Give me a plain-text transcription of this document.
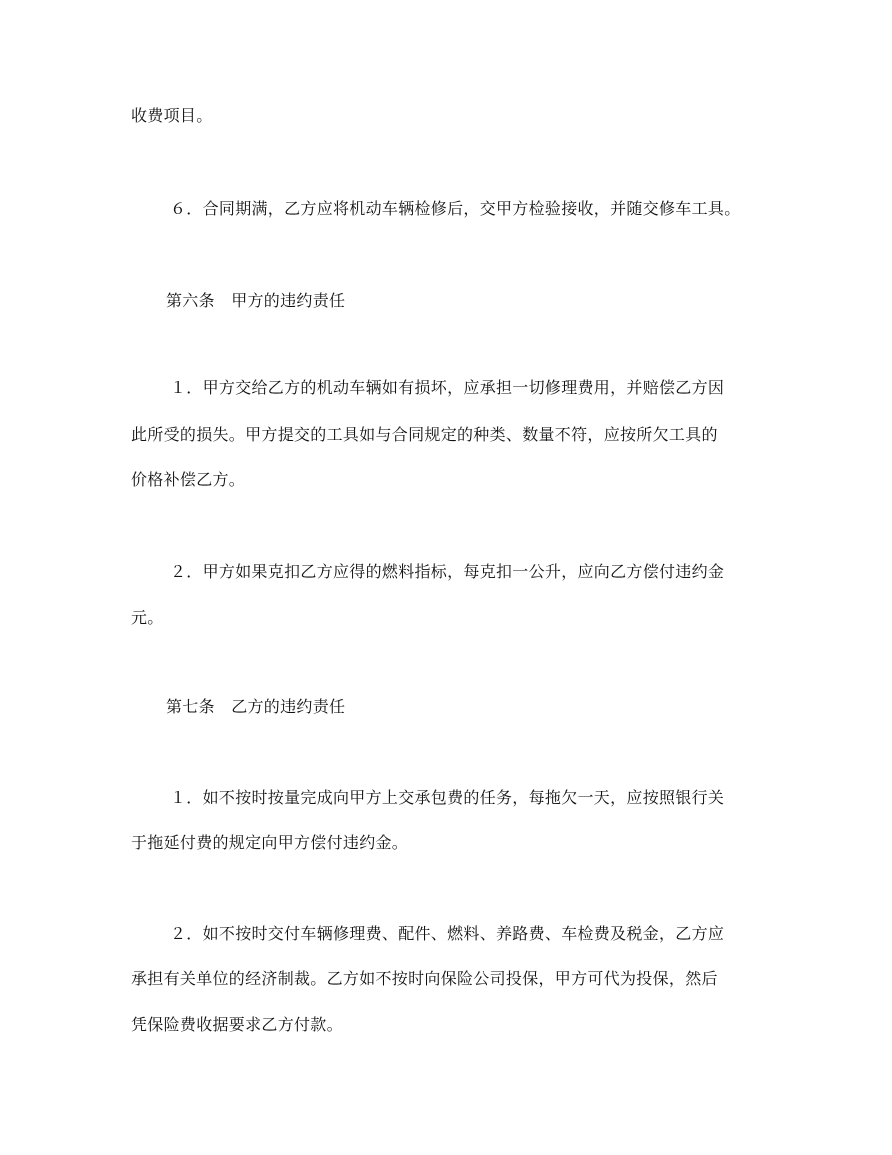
收费项目。
６．合同期满，乙方应将机动车辆检修后，交甲方检验接收，并随交修车工具。
第六条　甲方的违约责任
１．甲方交给乙方的机动车辆如有损坏，应承担一切修理费用，并赔偿乙方因
此所受的损失。甲方提交的工具如与合同规定的种类、数量不符，应按所欠工具的
价格补偿乙方。
２．甲方如果克扣乙方应得的燃料指标，每克扣一公升，应向乙方偿付违约金
元。
第七条　乙方的违约责任
１．如不按时按量完成向甲方上交承包费的任务，每拖欠一天，应按照银行关
于拖延付费的规定向甲方偿付违约金。
２．如不按时交付车辆修理费、配件、燃料、养路费、车检费及税金，乙方应
承担有关单位的经济制裁。乙方如不按时向保险公司投保，甲方可代为投保，然后
凭保险费收据要求乙方付款。
